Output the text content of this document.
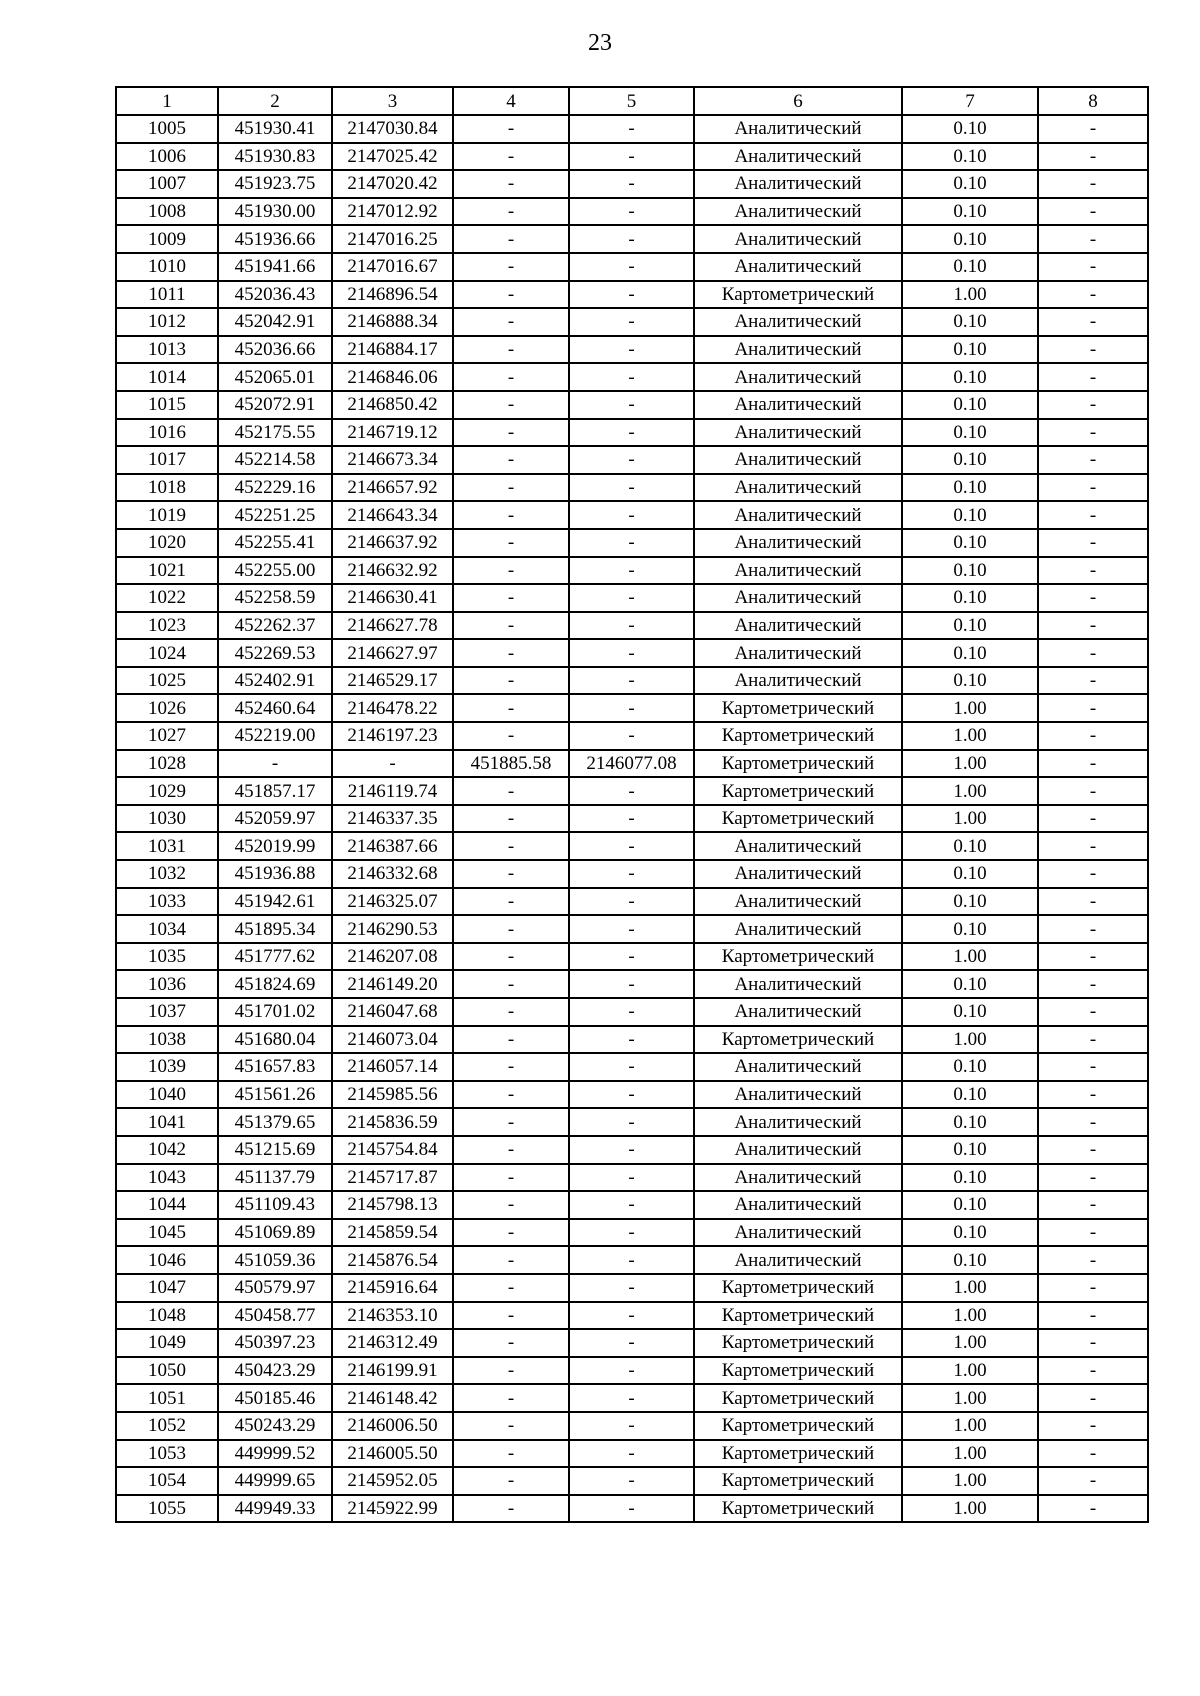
23
1	2	3	4	5	6	7	8
1005	451930.41	2147030.84	-	-	Аналитический	0.10	-
1006	451930.83	2147025.42	-	-	Аналитический	0.10	-
1007	451923.75	2147020.42	-	-	Аналитический	0.10	-
1008	451930.00	2147012.92	-	-	Аналитический	0.10	-
1009	451936.66	2147016.25	-	-	Аналитический	0.10	-
1010	451941.66	2147016.67	-	-	Аналитический	0.10	-
1011	452036.43	2146896.54	-	-	Картометрический	1.00	-
1012	452042.91	2146888.34	-	-	Аналитический	0.10	-
1013	452036.66	2146884.17	-	-	Аналитический	0.10	-
1014	452065.01	2146846.06	-	-	Аналитический	0.10	-
1015	452072.91	2146850.42	-	-	Аналитический	0.10	-
1016	452175.55	2146719.12	-	-	Аналитический	0.10	-
1017	452214.58	2146673.34	-	-	Аналитический	0.10	-
1018	452229.16	2146657.92	-	-	Аналитический	0.10	-
1019	452251.25	2146643.34	-	-	Аналитический	0.10	-
1020	452255.41	2146637.92	-	-	Аналитический	0.10	-
1021	452255.00	2146632.92	-	-	Аналитический	0.10	-
1022	452258.59	2146630.41	-	-	Аналитический	0.10	-
1023	452262.37	2146627.78	-	-	Аналитический	0.10	-
1024	452269.53	2146627.97	-	-	Аналитический	0.10	-
1025	452402.91	2146529.17	-	-	Аналитический	0.10	-
1026	452460.64	2146478.22	-	-	Картометрический	1.00	-
1027	452219.00	2146197.23	-	-	Картометрический	1.00	-
1028	-	-	451885.58	2146077.08	Картометрический	1.00	-
1029	451857.17	2146119.74	-	-	Картометрический	1.00	-
1030	452059.97	2146337.35	-	-	Картометрический	1.00	-
1031	452019.99	2146387.66	-	-	Аналитический	0.10	-
1032	451936.88	2146332.68	-	-	Аналитический	0.10	-
1033	451942.61	2146325.07	-	-	Аналитический	0.10	-
1034	451895.34	2146290.53	-	-	Аналитический	0.10	-
1035	451777.62	2146207.08	-	-	Картометрический	1.00	-
1036	451824.69	2146149.20	-	-	Аналитический	0.10	-
1037	451701.02	2146047.68	-	-	Аналитический	0.10	-
1038	451680.04	2146073.04	-	-	Картометрический	1.00	-
1039	451657.83	2146057.14	-	-	Аналитический	0.10	-
1040	451561.26	2145985.56	-	-	Аналитический	0.10	-
1041	451379.65	2145836.59	-	-	Аналитический	0.10	-
1042	451215.69	2145754.84	-	-	Аналитический	0.10	-
1043	451137.79	2145717.87	-	-	Аналитический	0.10	-
1044	451109.43	2145798.13	-	-	Аналитический	0.10	-
1045	451069.89	2145859.54	-	-	Аналитический	0.10	-
1046	451059.36	2145876.54	-	-	Аналитический	0.10	-
1047	450579.97	2145916.64	-	-	Картометрический	1.00	-
1048	450458.77	2146353.10	-	-	Картометрический	1.00	-
1049	450397.23	2146312.49	-	-	Картометрический	1.00	-
1050	450423.29	2146199.91	-	-	Картометрический	1.00	-
1051	450185.46	2146148.42	-	-	Картометрический	1.00	-
1052	450243.29	2146006.50	-	-	Картометрический	1.00	-
1053	449999.52	2146005.50	-	-	Картометрический	1.00	-
1054	449999.65	2145952.05	-	-	Картометрический	1.00	-
1055	449949.33	2145922.99	-	-	Картометрический	1.00	-
